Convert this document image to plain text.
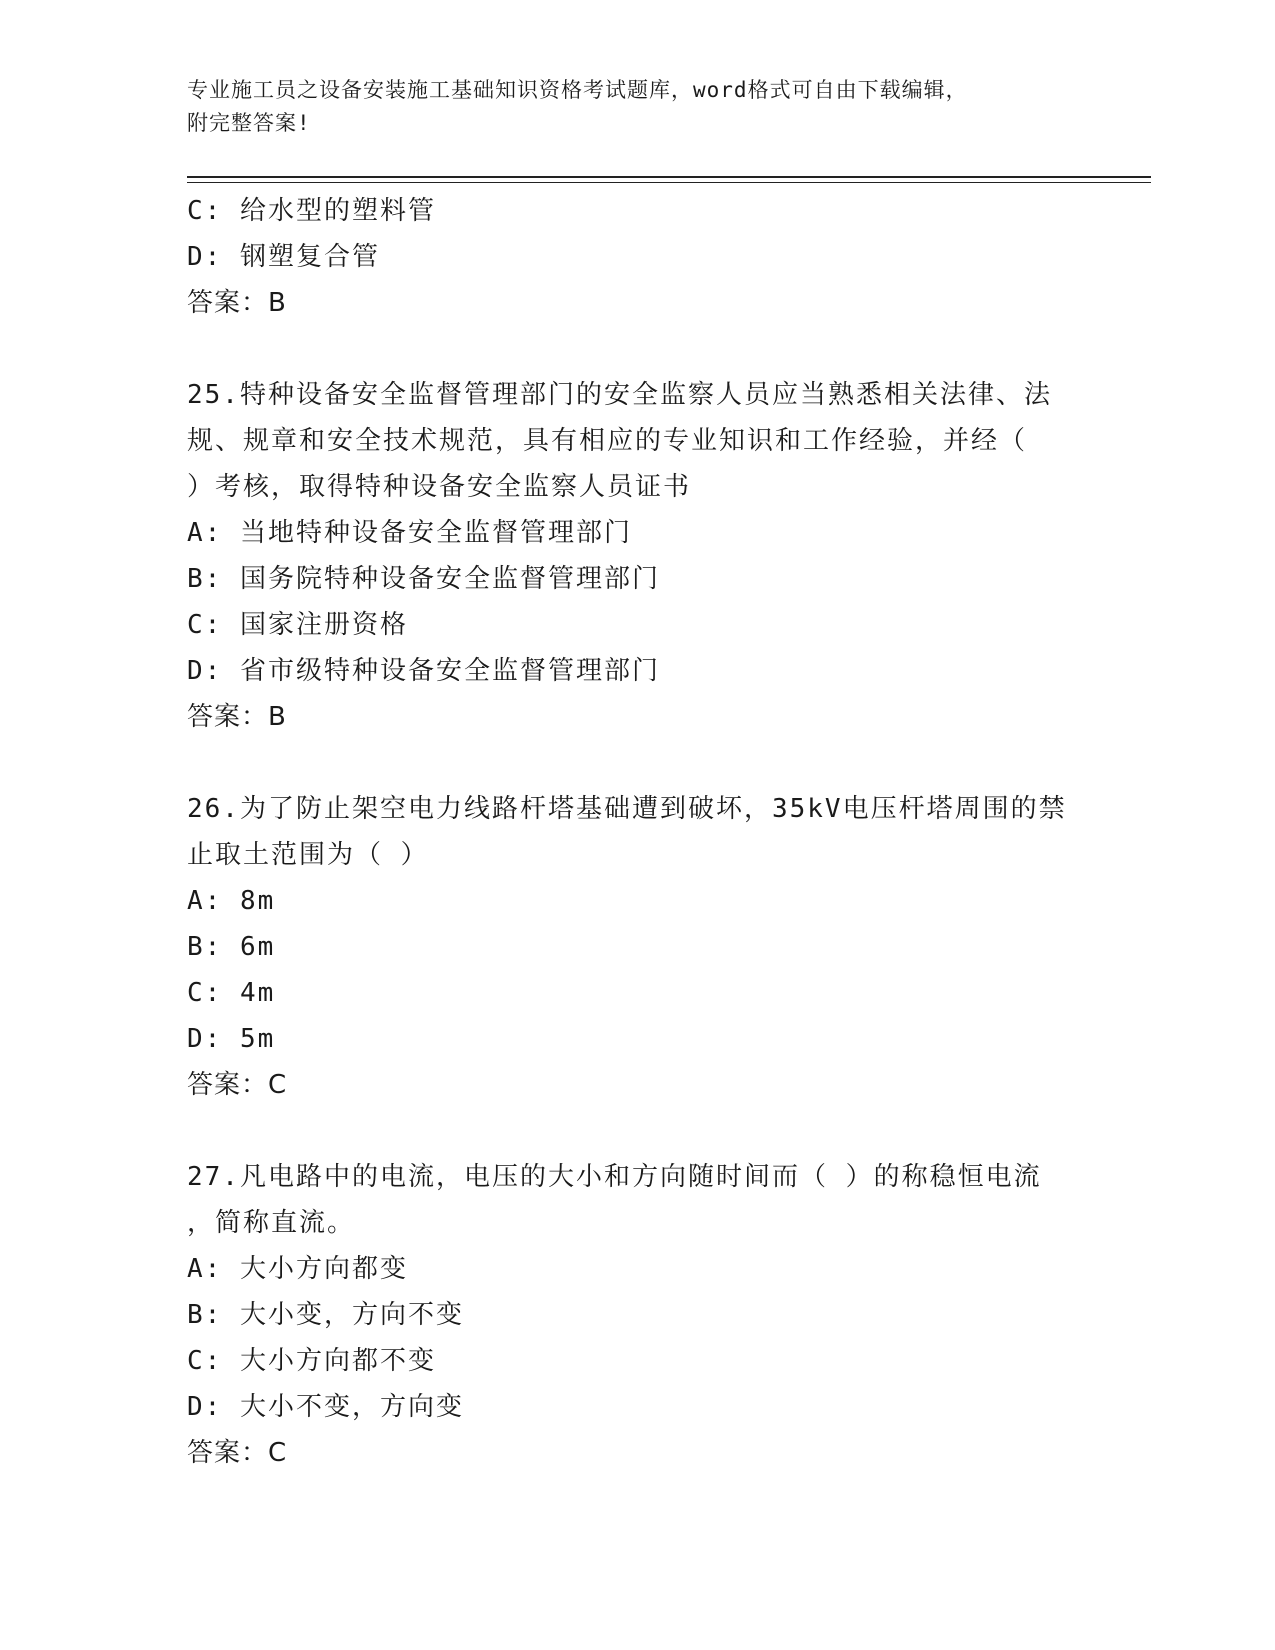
专业施工员之设备安装施工基础知识资格考试题库，word格式可自由下载编辑，
附完整答案!
C: 给水型的塑料管
D: 钢塑复合管
答案：B
25.特种设备安全监督管理部门的安全监察人员应当熟悉相关法律、法
规、规章和安全技术规范，具有相应的专业知识和工作经验，并经（
）考核，取得特种设备安全监察人员证书
A: 当地特种设备安全监督管理部门
B: 国务院特种设备安全监督管理部门
C: 国家注册资格
D: 省市级特种设备安全监督管理部门
答案：B
26.为了防止架空电力线路杆塔基础遭到破坏，35kV电压杆塔周围的禁
止取土范围为（ ）
A: 8m
B: 6m
C: 4m
D: 5m
答案：C
27.凡电路中的电流，电压的大小和方向随时间而（ ）的称稳恒电流
，简称直流。
A: 大小方向都变
B: 大小变，方向不变
C: 大小方向都不变
D: 大小不变，方向变
答案：C
